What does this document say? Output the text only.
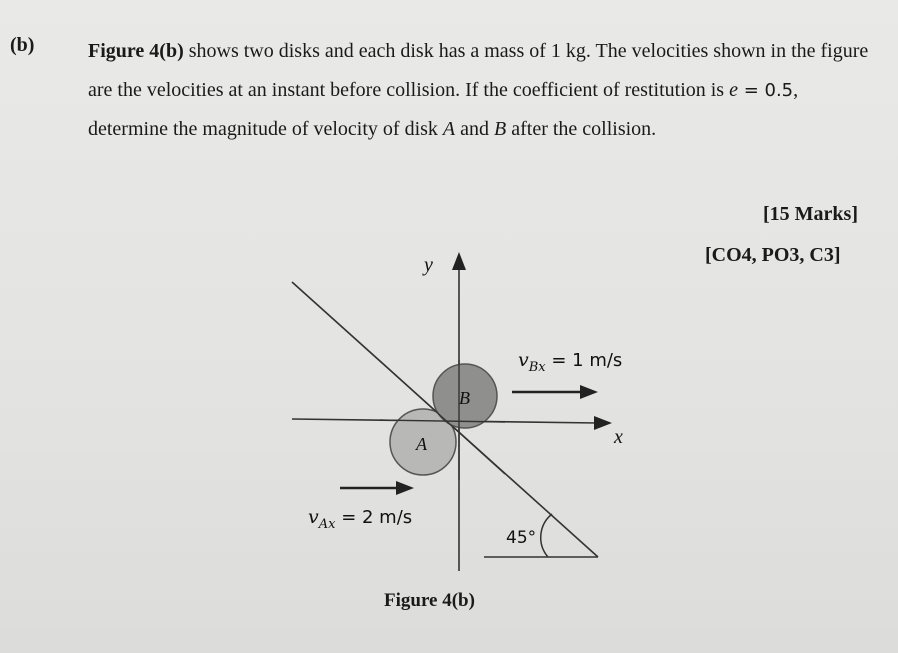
(b)	Figure 4(b) shows two disks and each disk has a mass of 1 kg. The velocities shown in the figure are the velocities at an instant before collision. If the coefficient of restitution is e = 0.5, determine the magnitude of velocity of disk A and B after the collision.

[15 Marks]
[CO4, PO3, C3]
A
B
y
x
$v_{Bx} = 1$ m/s
$v_{Ax} = 2$ m/s
45°
Figure 4(b)
